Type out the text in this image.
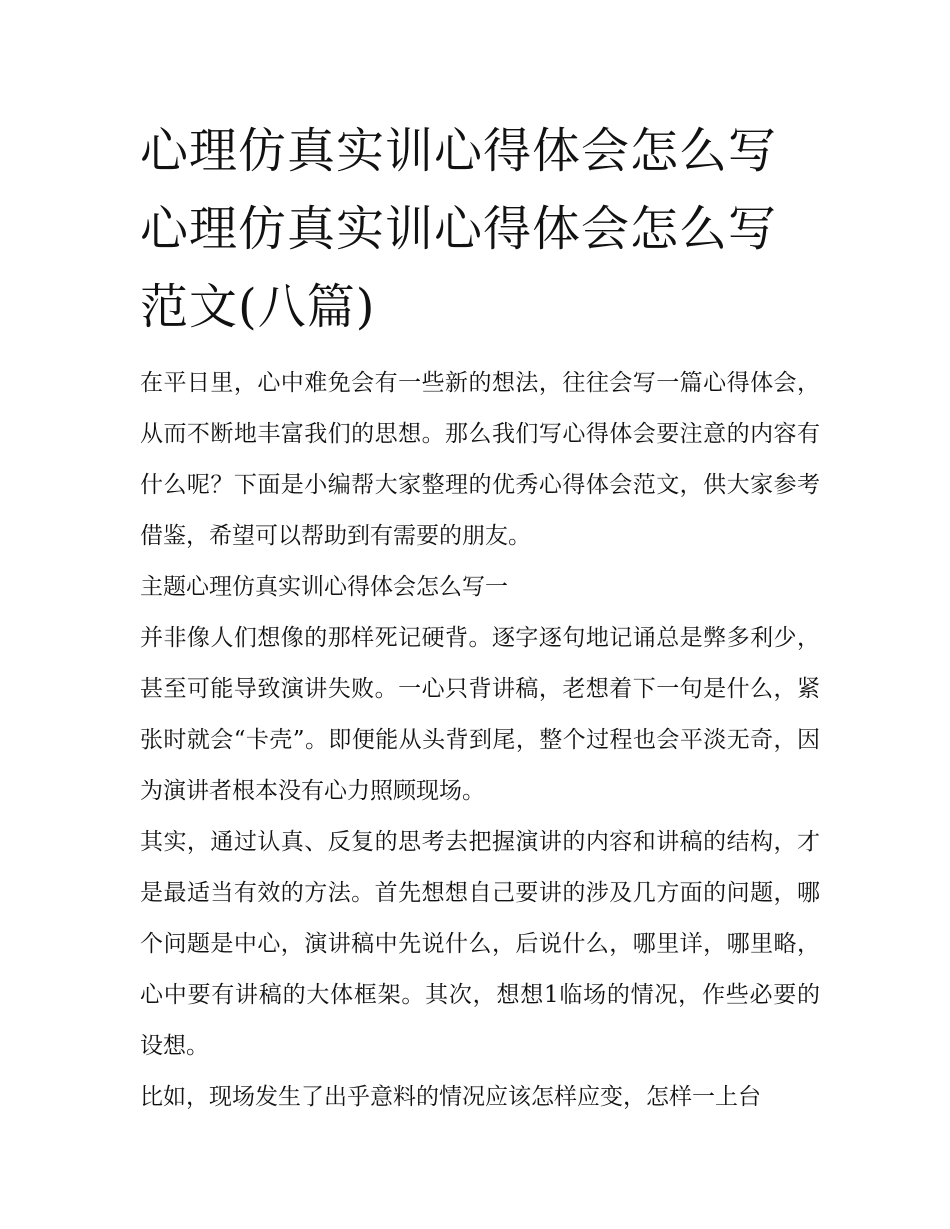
心理仿真实训心得体会怎么写 心理仿真实训心得体会怎么写范文(八篇)

在平日里，心中难免会有一些新的想法，往往会写一篇心得体会，从而不断地丰富我们的思想。那么我们写心得体会要注意的内容有什么呢？下面是小编帮大家整理的优秀心得体会范文，供大家参考借鉴，希望可以帮助到有需要的朋友。

主题心理仿真实训心得体会怎么写一

并非像人们想像的那样死记硬背。逐字逐句地记诵总是弊多利少，甚至可能导致演讲失败。一心只背讲稿，老想着下一句是什么，紧张时就会“卡壳”。即便能从头背到尾，整个过程也会平淡无奇，因为演讲者根本没有心力照顾现场。

其实，通过认真、反复的思考去把握演讲的内容和讲稿的结构，才是最适当有效的方法。首先想想自己要讲的涉及几方面的问题，哪个问题是中心，演讲稿中先说什么，后说什么，哪里详，哪里略，心中要有讲稿的大体框架。其次，想想1临场的情况，作些必要的设想。

比如，现场发生了出乎意料的情况应该怎样应变，怎样一上台
